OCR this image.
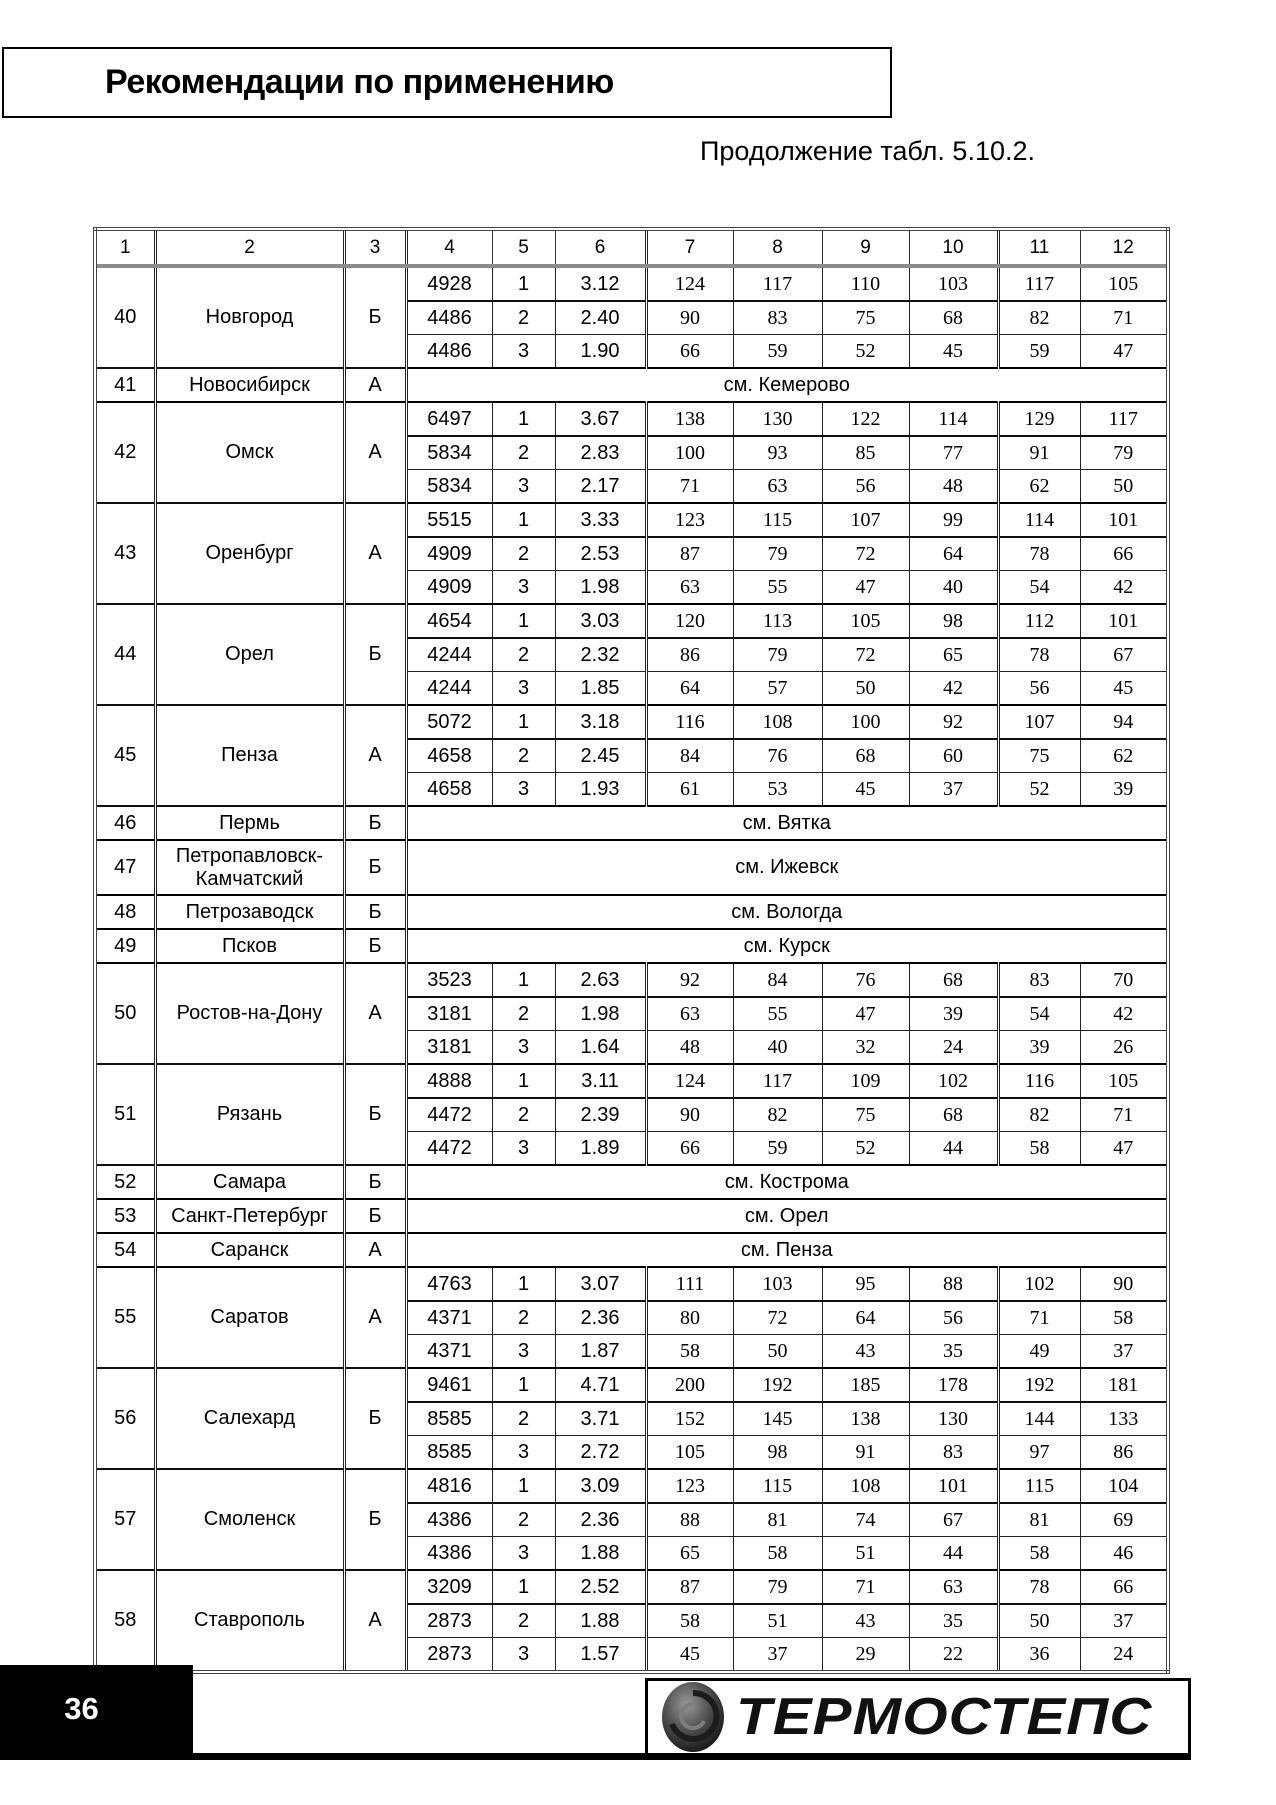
Рекомендации по применению
Продолжение табл. 5.10.2.
1	2	3	4	5	6	7	8	9	10	11	12
40	Новгород	Б	4928	1	3.12	124	117	110	103	117	105
			4486	2	2.40	90	83	75	68	82	71
			4486	3	1.90	66	59	52	45	59	47
41	Новосибирск	А	см. Кемерово								
42	Омск	А	6497	1	3.67	138	130	122	114	129	117
			5834	2	2.83	100	93	85	77	91	79
			5834	3	2.17	71	63	56	48	62	50
43	Оренбург	А	5515	1	3.33	123	115	107	99	114	101
			4909	2	2.53	87	79	72	64	78	66
			4909	3	1.98	63	55	47	40	54	42
44	Орел	Б	4654	1	3.03	120	113	105	98	112	101
			4244	2	2.32	86	79	72	65	78	67
			4244	3	1.85	64	57	50	42	56	45
45	Пенза	А	5072	1	3.18	116	108	100	92	107	94
			4658	2	2.45	84	76	68	60	75	62
			4658	3	1.93	61	53	45	37	52	39
46	Пермь	Б	см. Вятка								
47	Петропавловск-Камчатский	Б	см. Ижевск								
48	Петрозаводск	Б	см. Вологда								
49	Псков	Б	см. Курск								
50	Ростов-на-Дону	А	3523	1	2.63	92	84	76	68	83	70
			3181	2	1.98	63	55	47	39	54	42
			3181	3	1.64	48	40	32	24	39	26
51	Рязань	Б	4888	1	3.11	124	117	109	102	116	105
			4472	2	2.39	90	82	75	68	82	71
			4472	3	1.89	66	59	52	44	58	47
52	Самара	Б	см. Кострома								
53	Санкт-Петербург	Б	см. Орел								
54	Саранск	А	см. Пенза								
55	Саратов	А	4763	1	3.07	111	103	95	88	102	90
			4371	2	2.36	80	72	64	56	71	58
			4371	3	1.87	58	50	43	35	49	37
56	Салехард	Б	9461	1	4.71	200	192	185	178	192	181
			8585	2	3.71	152	145	138	130	144	133
			8585	3	2.72	105	98	91	83	97	86
57	Смоленск	Б	4816	1	3.09	123	115	108	101	115	104
			4386	2	2.36	88	81	74	67	81	69
			4386	3	1.88	65	58	51	44	58	46
58	Ставрополь	А	3209	1	2.52	87	79	71	63	78	66
			2873	2	1.88	58	51	43	35	50	37
			2873	3	1.57	45	37	29	22	36	24
36	ТЕРМОСТЕПС
